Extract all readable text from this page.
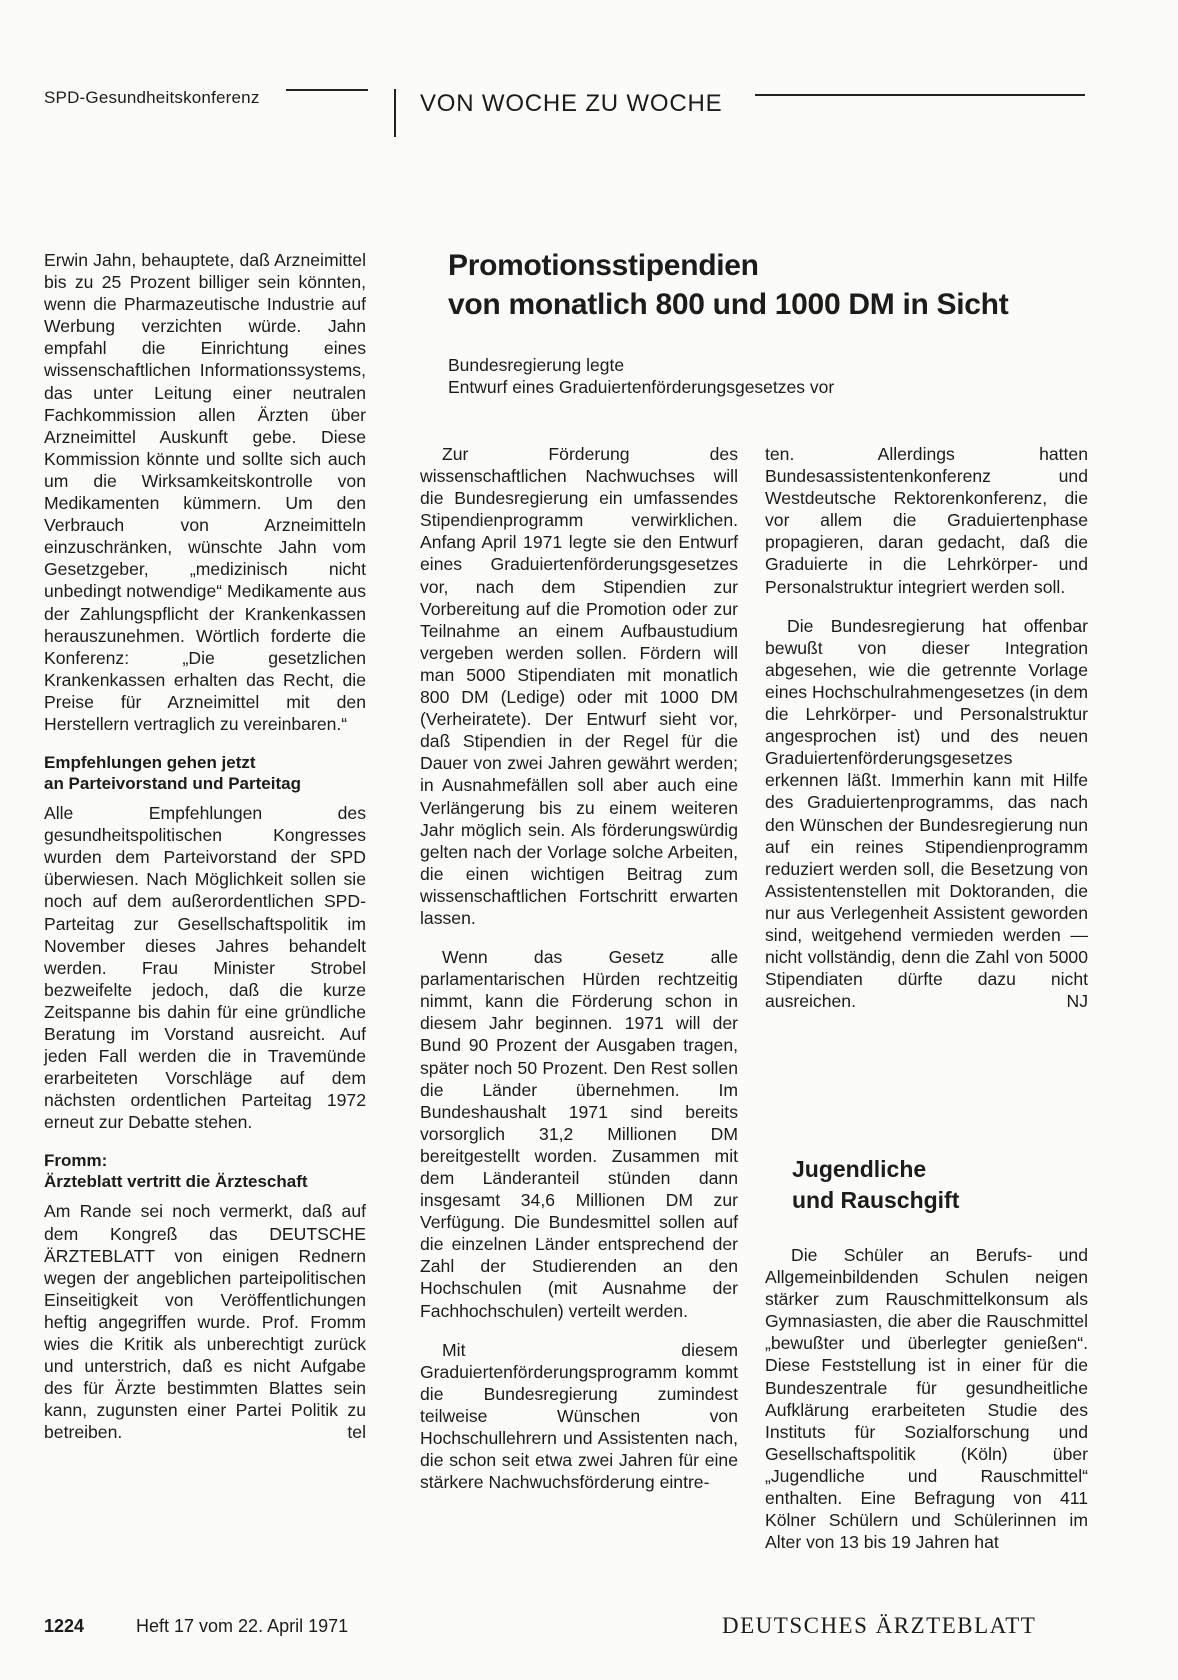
SPD-Gesundheitskonferenz	VON WOCHE ZU WOCHE

Erwin Jahn, behauptete, daß Arzneimittel bis zu 25 Prozent billiger sein könnten, wenn die Pharmazeutische Industrie auf Werbung verzichten würde. Jahn empfahl die Einrichtung eines wissenschaftlichen Informationssystems, das unter Leitung einer neutralen Fachkommission allen Ärzten über Arzneimittel Auskunft gebe. Diese Kommission könnte und sollte sich auch um die Wirksamkeitskontrolle von Medikamenten kümmern. Um den Verbrauch von Arzneimitteln einzuschränken, wünschte Jahn vom Gesetzgeber, „medizinisch nicht unbedingt notwendige“ Medikamente aus der Zahlungspflicht der Krankenkassen herauszunehmen. Wörtlich forderte die Konferenz: „Die gesetzlichen Krankenkassen erhalten das Recht, die Preise für Arzneimittel mit den Herstellern vertraglich zu vereinbaren.“

Empfehlungen gehen jetzt

an Parteivorstand und Parteitag

Alle Empfehlungen des gesundheitspolitischen Kongresses wurden dem Parteivorstand der SPD überwiesen. Nach Möglichkeit sollen sie noch auf dem außerordentlichen SPD-Parteitag zur Gesellschaftspolitik im November dieses Jahres behandelt werden. Frau Minister Strobel bezweifelte jedoch, daß die kurze Zeitspanne bis dahin für eine gründliche Beratung im Vorstand ausreicht. Auf jeden Fall werden die in Travemünde erarbeiteten Vorschläge auf dem nächsten ordentlichen Parteitag 1972 erneut zur Debatte stehen.

Fromm:

Ärzteblatt vertritt die Ärzteschaft

Am Rande sei noch vermerkt, daß auf dem Kongreß das DEUTSCHE ÄRZTEBLATT von einigen Rednern wegen der angeblichen parteipolitischen Einseitigkeit von Veröffentlichungen heftig angegriffen wurde. Prof. Fromm wies die Kritik als unberechtigt zurück und unterstrich, daß es nicht Aufgabe des für Ärzte bestimmten Blattes sein kann, zugunsten einer Partei Politik zu betreiben.	tel

Promotionsstipendien
von monatlich 800 und 1000 DM in Sicht
Bundesregierung legte
Entwurf eines Graduiertenförderungsgesetzes vor

Zur Förderung des wissenschaftlichen Nachwuchses will die Bundesregierung ein umfassendes Stipendienprogramm verwirklichen. Anfang April 1971 legte sie den Entwurf eines Graduiertenförderungsgesetzes vor, nach dem Stipendien zur Vorbereitung auf die Promotion oder zur Teilnahme an einem Aufbaustudium vergeben werden sollen. Fördern will man 5000 Stipendiaten mit monatlich 800 DM (Ledige) oder mit 1000 DM (Verheiratete). Der Entwurf sieht vor, daß Stipendien in der Regel für die Dauer von zwei Jahren gewährt werden; in Ausnahmefällen soll aber auch eine Verlängerung bis zu einem weiteren Jahr möglich sein. Als förderungswürdig gelten nach der Vorlage solche Arbeiten, die einen wichtigen Beitrag zum wissenschaftlichen Fortschritt erwarten lassen.

Wenn das Gesetz alle parlamentarischen Hürden rechtzeitig nimmt, kann die Förderung schon in diesem Jahr beginnen. 1971 will der Bund 90 Prozent der Ausgaben tragen, später noch 50 Prozent. Den Rest sollen die Länder übernehmen. Im Bundeshaushalt 1971 sind bereits vorsorglich 31,2 Millionen DM bereitgestellt worden. Zusammen mit dem Länderanteil stünden dann insgesamt 34,6 Millionen DM zur Verfügung. Die Bundesmittel sollen auf die einzelnen Länder entsprechend der Zahl der Studierenden an den Hochschulen (mit Ausnahme der Fachhochschulen) verteilt werden.

Mit diesem Graduiertenförderungsprogramm kommt die Bundesregierung zumindest teilweise Wünschen von Hochschullehrern und Assistenten nach, die schon seit etwa zwei Jahren für eine stärkere Nachwuchsförderung eintre-

ten. Allerdings hatten Bundesassistentenkonferenz und Westdeutsche Rektorenkonferenz, die vor allem die Graduiertenphase propagieren, daran gedacht, daß die Graduierte in die Lehrkörper- und Personalstruktur integriert werden soll.

Die Bundesregierung hat offenbar bewußt von dieser Integration abgesehen, wie die getrennte Vorlage eines Hochschulrahmengesetzes (in dem die Lehrkörper- und Personalstruktur angesprochen ist) und des neuen Graduiertenförderungsgesetzes erkennen läßt. Immerhin kann mit Hilfe des Graduiertenprogramms, das nach den Wünschen der Bundesregierung nun auf ein reines Stipendienprogramm reduziert werden soll, die Besetzung von Assistentenstellen mit Doktoranden, die nur aus Verlegenheit Assistent geworden sind, weitgehend vermieden werden — nicht vollständig, denn die Zahl von 5000 Stipendiaten dürfte dazu nicht ausreichen.	NJ

Jugendliche
und Rauschgift

Die Schüler an Berufs- und Allgemeinbildenden Schulen neigen stärker zum Rauschmittelkonsum als Gymnasiasten, die aber die Rauschmittel „bewußter und überlegter genießen“. Diese Feststellung ist in einer für die Bundeszentrale für gesundheitliche Aufklärung erarbeiteten Studie des Instituts für Sozialforschung und Gesellschaftspolitik (Köln) über „Jugendliche und Rauschmittel“ enthalten. Eine Befragung von 411 Kölner Schülern und Schülerinnen im Alter von 13 bis 19 Jahren hat

1224	Heft 17 vom 22. April 1971	DEUTSCHES ÄRZTEBLATT
